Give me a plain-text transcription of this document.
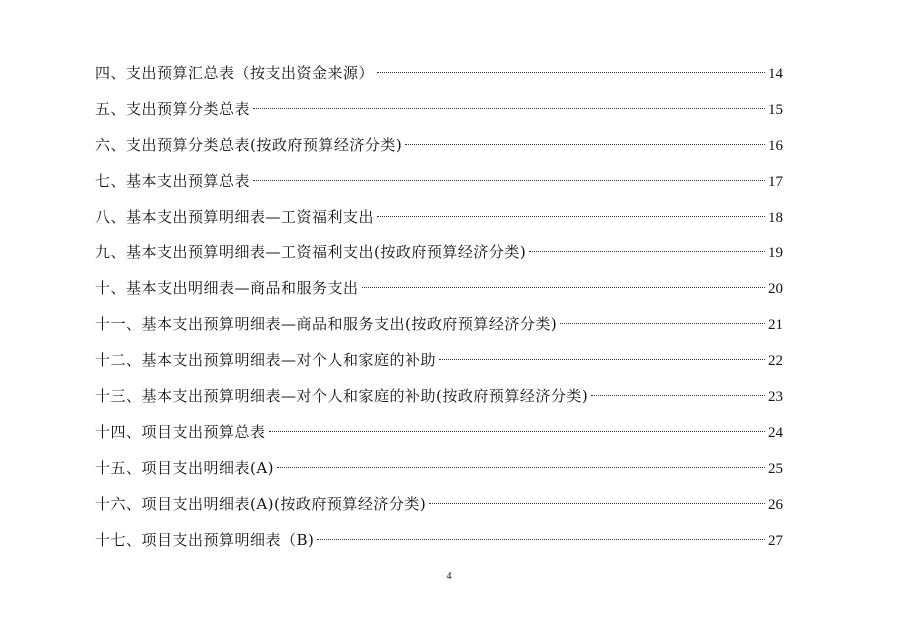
四、支出预算汇总表（按支出资金来源）	14
五、支出预算分类总表	15
六、支出预算分类总表(按政府预算经济分类)	16
七、基本支出预算总表	17
八、基本支出预算明细表—工资福利支出	18
九、基本支出预算明细表—工资福利支出(按政府预算经济分类)	19
十、基本支出明细表—商品和服务支出	20
十一、基本支出预算明细表—商品和服务支出(按政府预算经济分类)	21
十二、基本支出预算明细表—对个人和家庭的补助	22
十三、基本支出预算明细表—对个人和家庭的补助(按政府预算经济分类)	23
十四、项目支出预算总表	24
十五、项目支出明细表(A)	25
十六、项目支出明细表(A)(按政府预算经济分类)	26
十七、项目支出预算明细表（B)	27
4
